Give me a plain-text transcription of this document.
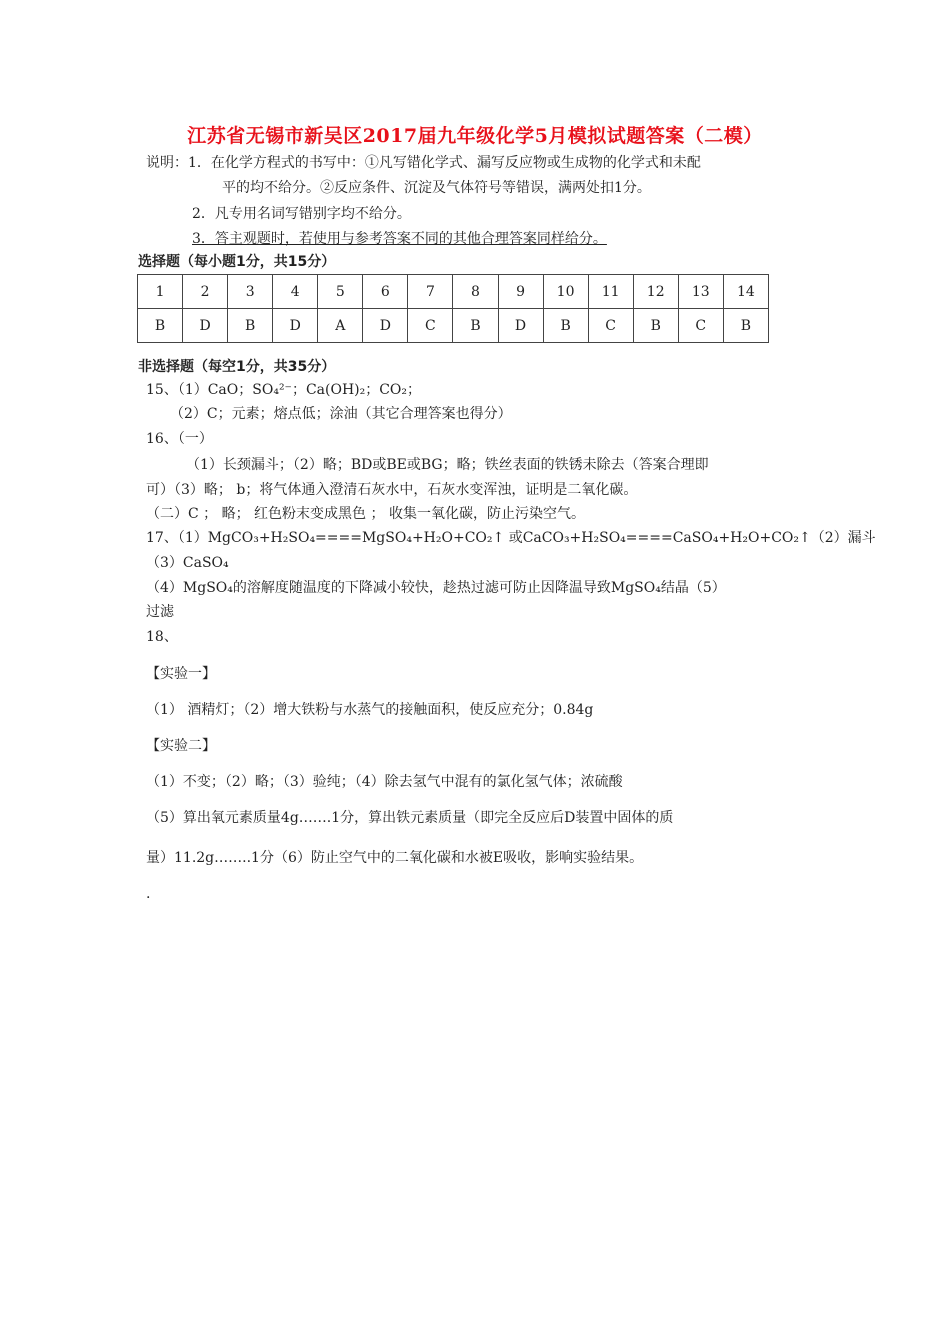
江苏省无锡市新吴区2017届九年级化学5月模拟试题答案（二模）
说明：1．在化学方程式的书写中：①凡写错化学式、漏写反应物或生成物的化学式和未配
平的均不给分。②反应条件、沉淀及气体符号等错误，满两处扣1分。
2．凡专用名词写错别字均不给分。
3．答主观题时，若使用与参考答案不同的其他合理答案同样给分。
选择题（每小题1分，共15分）
1	2	3	4	5	6	7	8	9	10	11	12	13	14
B	D	B	D	A	D	C	B	D	B	C	B	C	B
非选择题（每空1分，共35分）
15、（1）CaO；SO₄²⁻；Ca(OH)₂；CO₂；
（2）C；元素；熔点低；涂油（其它合理答案也得分）
16、（一）
（1）长颈漏斗；（2）略；BD或BE或BG；略；铁丝表面的铁锈未除去（答案合理即
可）（3）略； b；将气体通入澄清石灰水中，石灰水变浑浊，证明是二氧化碳。
（二）C ； 略； 红色粉末变成黑色 ； 收集一氧化碳，防止污染空气。
17、（1）MgCO₃+H₂SO₄====MgSO₄+H₂O+CO₂↑ 或CaCO₃+H₂SO₄====CaSO₄+H₂O+CO₂↑（2）漏斗
（3）CaSO₄
（4）MgSO₄的溶解度随温度的下降减小较快，趁热过滤可防止因降温导致MgSO₄结晶（5）
过滤
18、
【实验一】
（1） 酒精灯；（2）增大铁粉与水蒸气的接触面积，使反应充分；0.84g
【实验二】
（1）不变；（2）略；（3）验纯；（4）除去氢气中混有的氯化氢气体；浓硫酸
（5）算出氧元素质量4g…….1分，算出铁元素质量（即完全反应后D装置中固体的质
量）11.2g……..1分（6）防止空气中的二氧化碳和水被E吸收，影响实验结果。
.
